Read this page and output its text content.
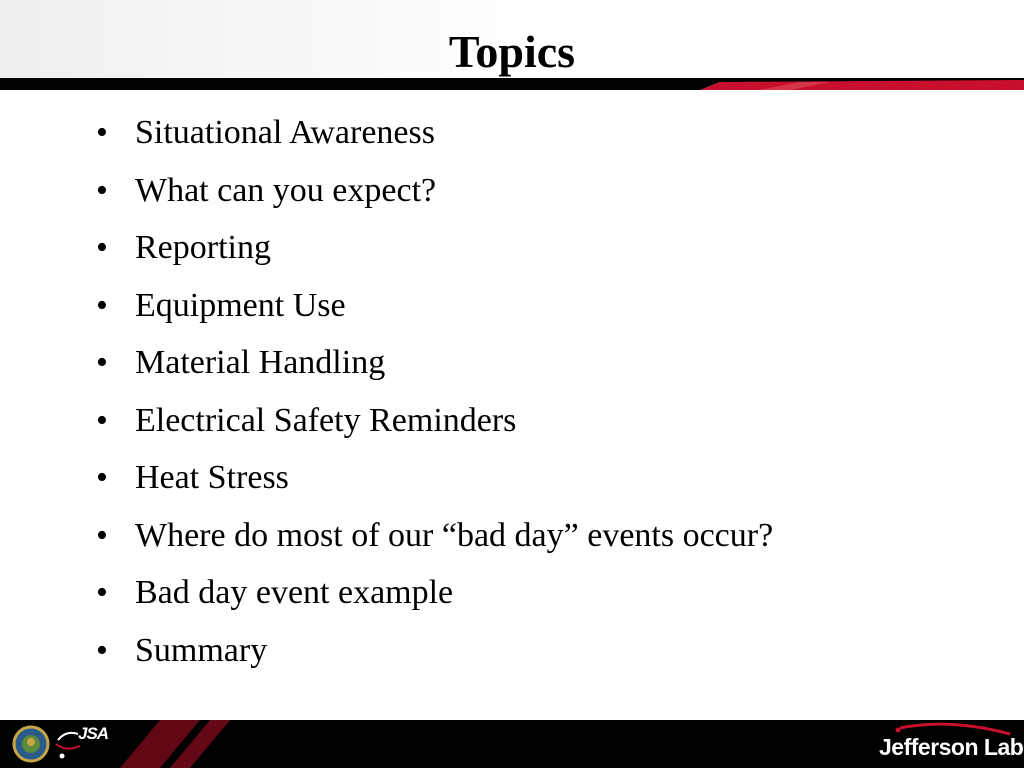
Topics
• Situational Awareness
• What can you expect?
• Reporting
• Equipment Use
• Material Handling
• Electrical Safety Reminders
• Heat Stress
• Where do most of our “bad day” events occur?
• Bad day event example
• Summary
JSA
Jefferson Lab
